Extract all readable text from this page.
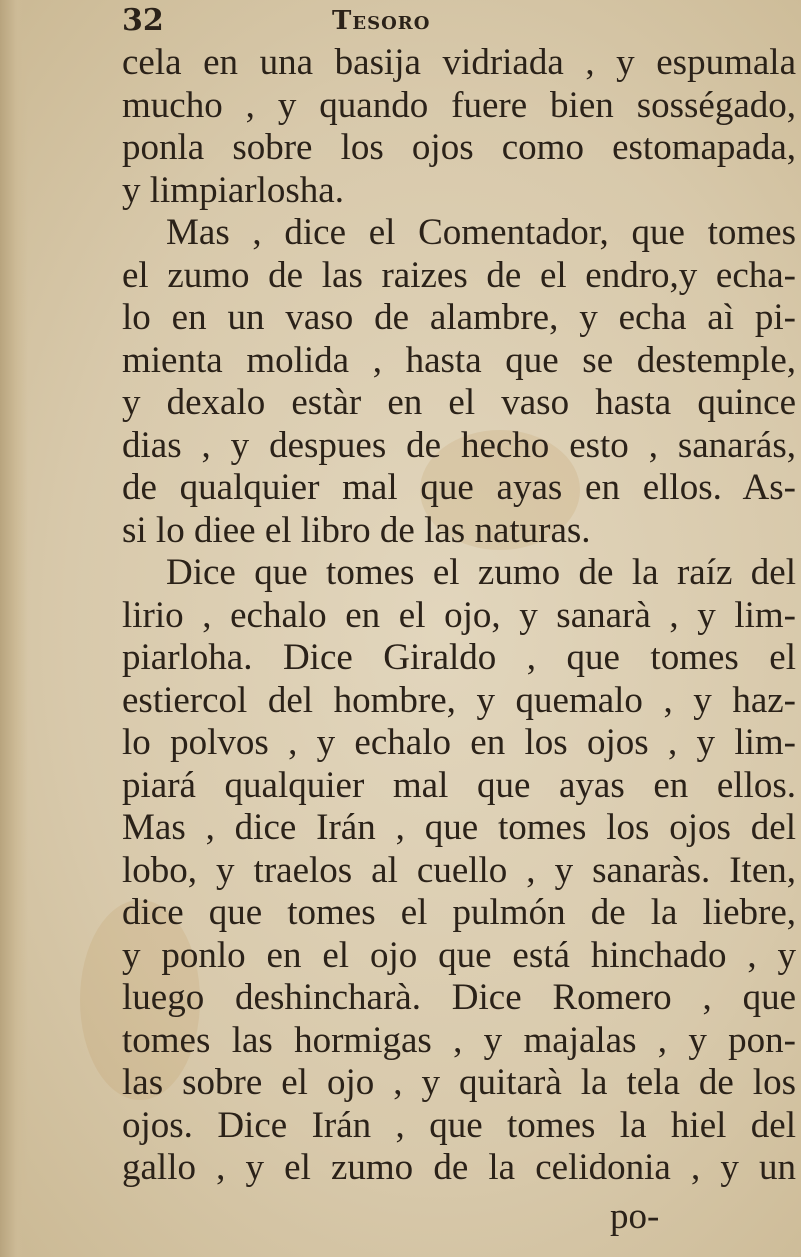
32	Tesoro
cela en una basija vidriada , y espumala
mucho , y quando fuere bien sosségado,
ponla sobre los ojos como estomapada,
y limpiarlosha.
Mas , dice el Comentador, que tomes
el zumo de las raizes de el endro,y echa-
lo en un vaso de alambre, y echa aì pi-
mienta molida , hasta que se destemple,
y dexalo estàr en el vaso hasta quince
dias , y despues de hecho esto , sanarás,
de qualquier mal que ayas en ellos. As-
si lo diee el libro de las naturas.
Dice que tomes el zumo de la raíz del
lirio , echalo en el ojo, y sanarà , y lim-
piarloha. Dice Giraldo , que tomes el
estiercol del hombre, y quemalo , y haz-
lo polvos , y echalo en los ojos , y lim-
piará qualquier mal que ayas en ellos.
Mas , dice Irán , que tomes los ojos del
lobo, y traelos al cuello , y sanaràs. Iten,
dice que tomes el pulmón de la liebre,
y ponlo en el ojo que está hinchado , y
luego deshincharà. Dice Romero , que
tomes las hormigas , y majalas , y pon-
las sobre el ojo , y quitarà la tela de los
ojos. Dice Irán , que tomes la hiel del
gallo , y el zumo de la celidonia , y un
po-
